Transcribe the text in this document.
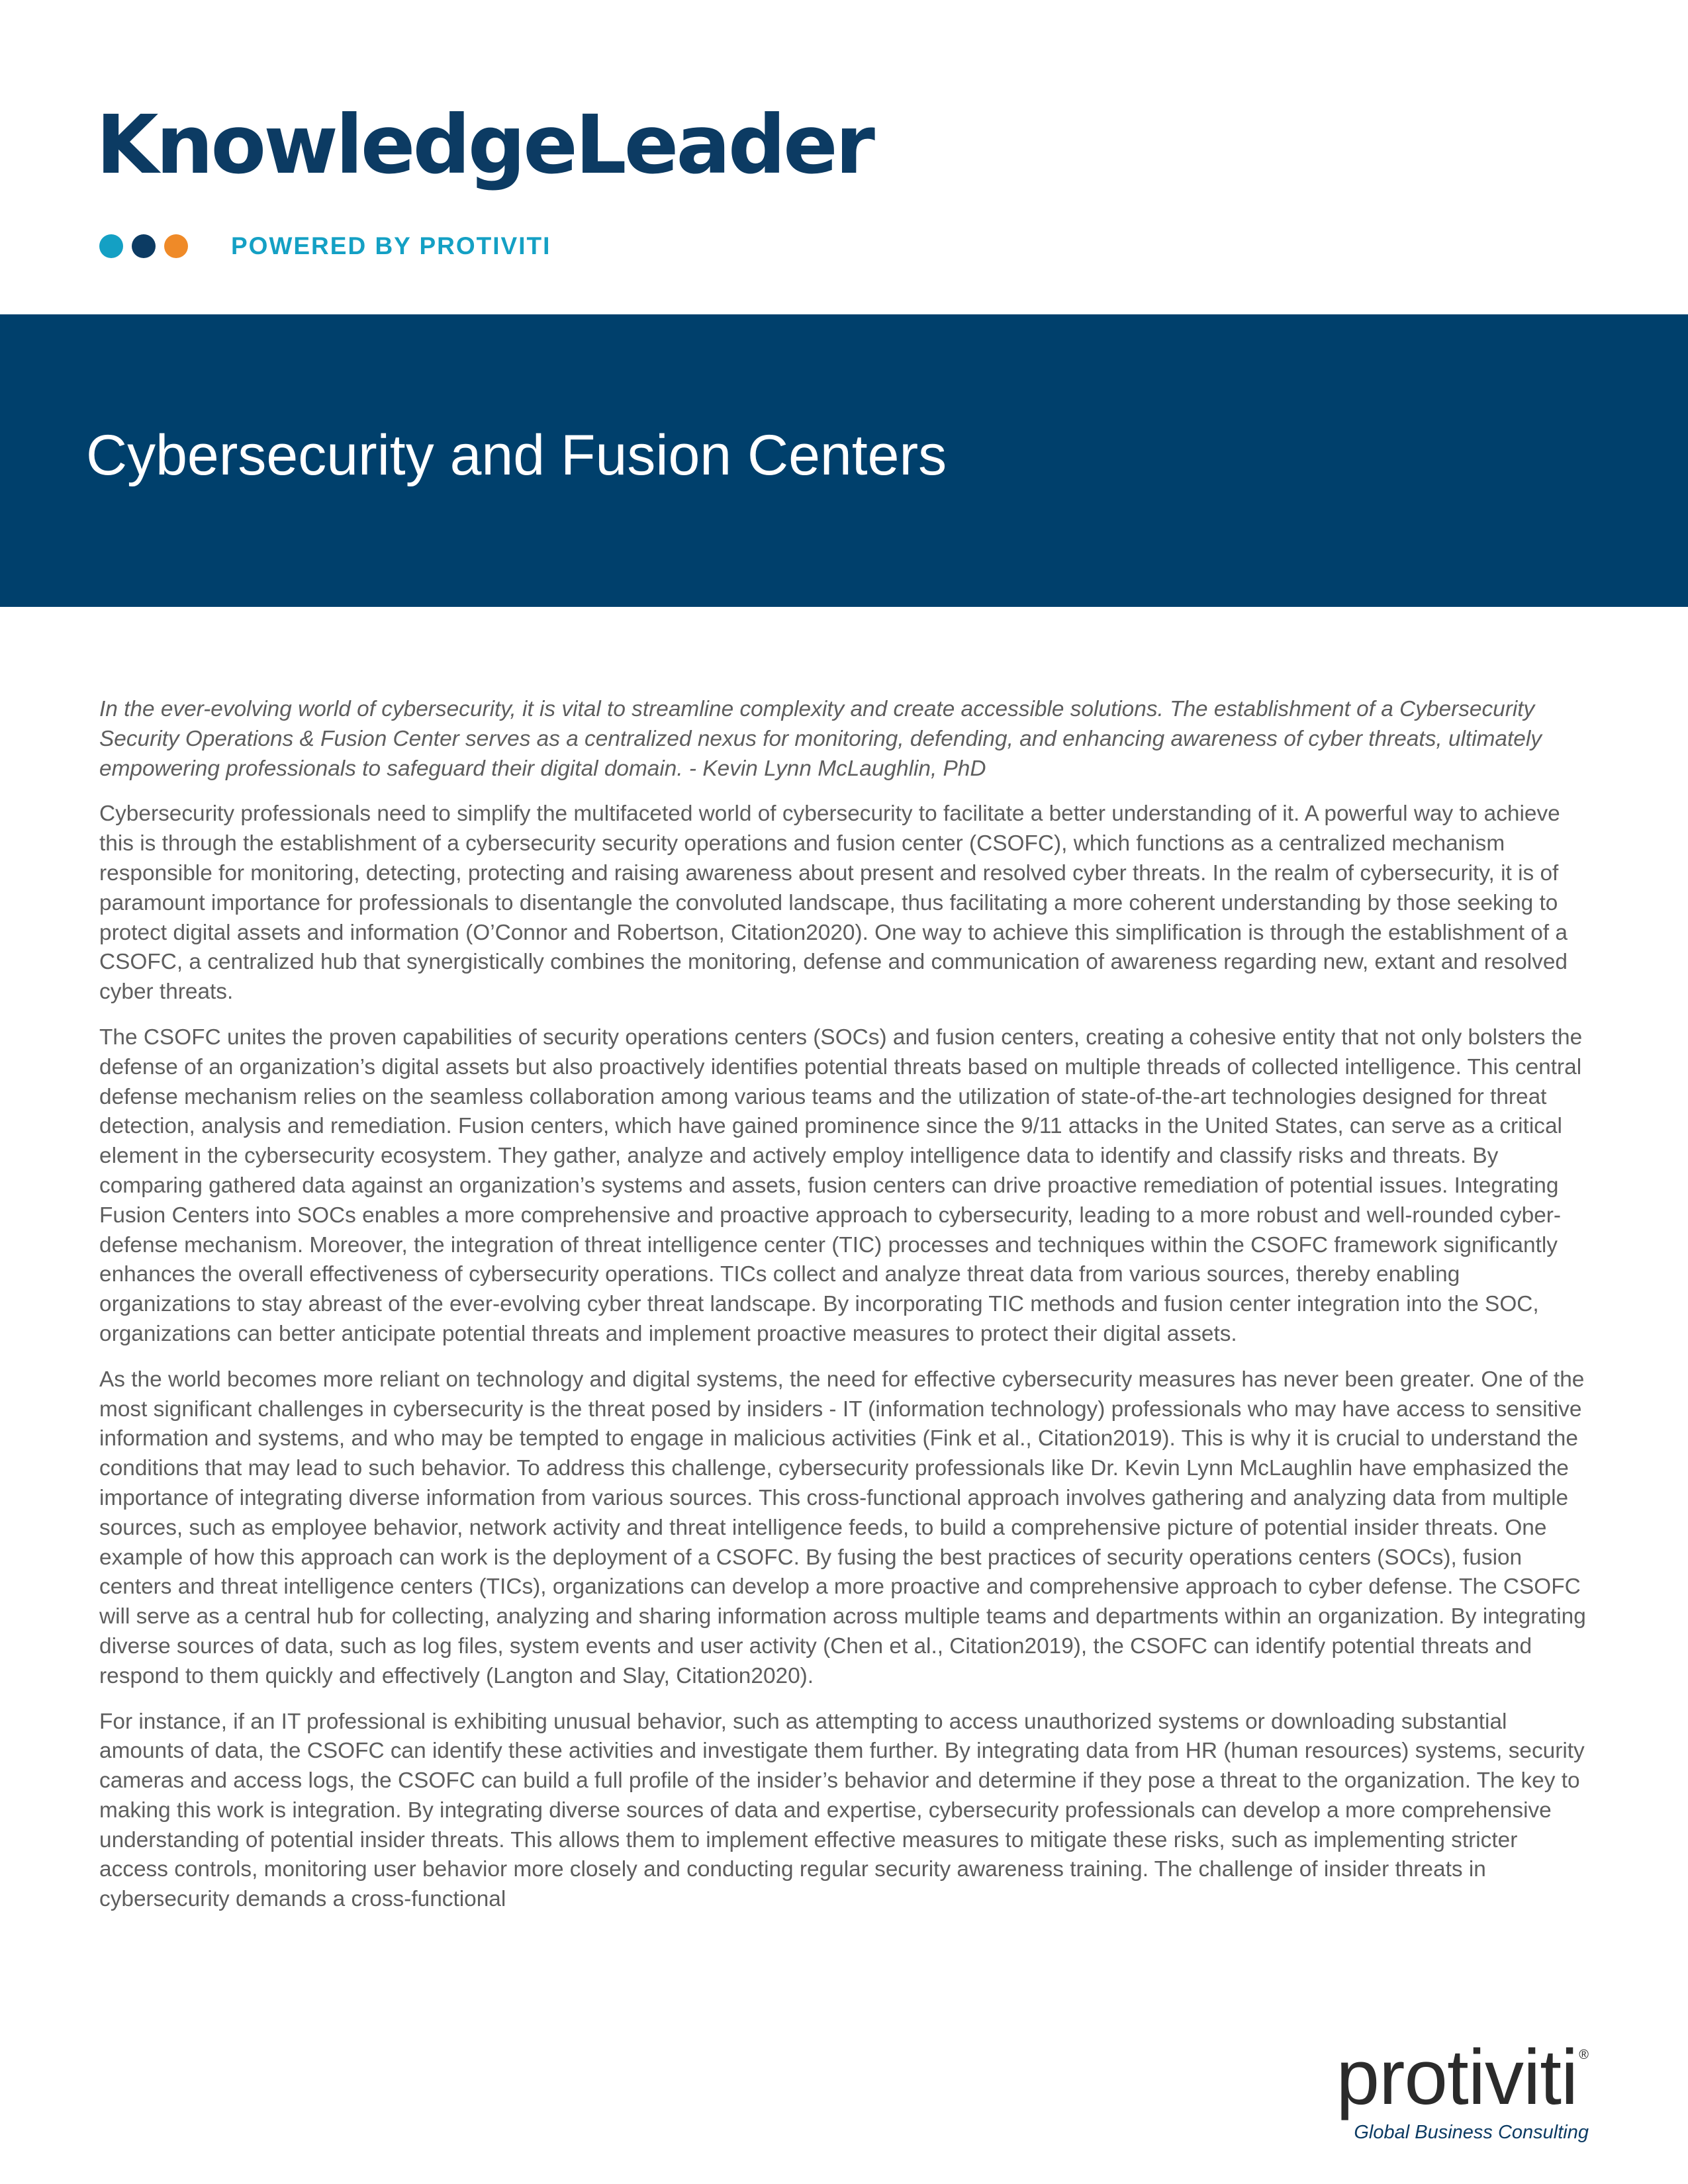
KnowledgeLeader
POWERED BY PROTIVITI
Cybersecurity and Fusion Centers

In the ever-evolving world of cybersecurity, it is vital to streamline complexity and create accessible solutions. The establishment of a Cybersecurity Security Operations & Fusion Center serves as a centralized nexus for monitoring, defending, and enhancing awareness of cyber threats, ultimately empowering professionals to safeguard their digital domain. - Kevin Lynn McLaughlin, PhD

Cybersecurity professionals need to simplify the multifaceted world of cybersecurity to facilitate a better understanding of it. A powerful way to achieve this is through the establishment of a cybersecurity security operations and fusion center (CSOFC), which functions as a centralized mechanism responsible for monitoring, detecting, protecting and raising awareness about present and resolved cyber threats. In the realm of cybersecurity, it is of paramount importance for professionals to disentangle the convoluted landscape, thus facilitating a more coherent understanding by those seeking to protect digital assets and information (O’Connor and Robertson, Citation2020). One way to achieve this simplification is through the establishment of a CSOFC, a centralized hub that synergistically combines the monitoring, defense and communication of awareness regarding new, extant and resolved cyber threats.

The CSOFC unites the proven capabilities of security operations centers (SOCs) and fusion centers, creating a cohesive entity that not only bolsters the defense of an organization’s digital assets but also proactively identifies potential threats based on multiple threads of collected intelligence. This central defense mechanism relies on the seamless collaboration among various teams and the utilization of state-of-the-art technologies designed for threat detection, analysis and remediation. Fusion centers, which have gained prominence since the 9/11 attacks in the United States, can serve as a critical element in the cybersecurity ecosystem. They gather, analyze and actively employ intelligence data to identify and classify risks and threats. By comparing gathered data against an organization’s systems and assets, fusion centers can drive proactive remediation of potential issues. Integrating Fusion Centers into SOCs enables a more comprehensive and proactive approach to cybersecurity, leading to a more robust and well-rounded cyber-defense mechanism. Moreover, the integration of threat intelligence center (TIC) processes and techniques within the CSOFC framework significantly enhances the overall effectiveness of cybersecurity operations. TICs collect and analyze threat data from various sources, thereby enabling organizations to stay abreast of the ever-evolving cyber threat landscape. By incorporating TIC methods and fusion center integration into the SOC, organizations can better anticipate potential threats and implement proactive measures to protect their digital assets.

As the world becomes more reliant on technology and digital systems, the need for effective cybersecurity measures has never been greater. One of the most significant challenges in cybersecurity is the threat posed by insiders - IT (information technology) professionals who may have access to sensitive information and systems, and who may be tempted to engage in malicious activities (Fink et al., Citation2019). This is why it is crucial to understand the conditions that may lead to such behavior. To address this challenge, cybersecurity professionals like Dr. Kevin Lynn McLaughlin have emphasized the importance of integrating diverse information from various sources. This cross-functional approach involves gathering and analyzing data from multiple sources, such as employee behavior, network activity and threat intelligence feeds, to build a comprehensive picture of potential insider threats. One example of how this approach can work is the deployment of a CSOFC. By fusing the best practices of security operations centers (SOCs), fusion centers and threat intelligence centers (TICs), organizations can develop a more proactive and comprehensive approach to cyber defense. The CSOFC will serve as a central hub for collecting, analyzing and sharing information across multiple teams and departments within an organization. By integrating diverse sources of data, such as log files, system events and user activity (Chen et al., Citation2019), the CSOFC can identify potential threats and respond to them quickly and effectively (Langton and Slay, Citation2020).

For instance, if an IT professional is exhibiting unusual behavior, such as attempting to access unauthorized systems or downloading substantial amounts of data, the CSOFC can identify these activities and investigate them further. By integrating data from HR (human resources) systems, security cameras and access logs, the CSOFC can build a full profile of the insider’s behavior and determine if they pose a threat to the organization. The key to making this work is integration. By integrating diverse sources of data and expertise, cybersecurity professionals can develop a more comprehensive understanding of potential insider threats. This allows them to implement effective measures to mitigate these risks, such as implementing stricter access controls, monitoring user behavior more closely and conducting regular security awareness training. The challenge of insider threats in cybersecurity demands a cross-functional

protiviti ®
Global Business Consulting
